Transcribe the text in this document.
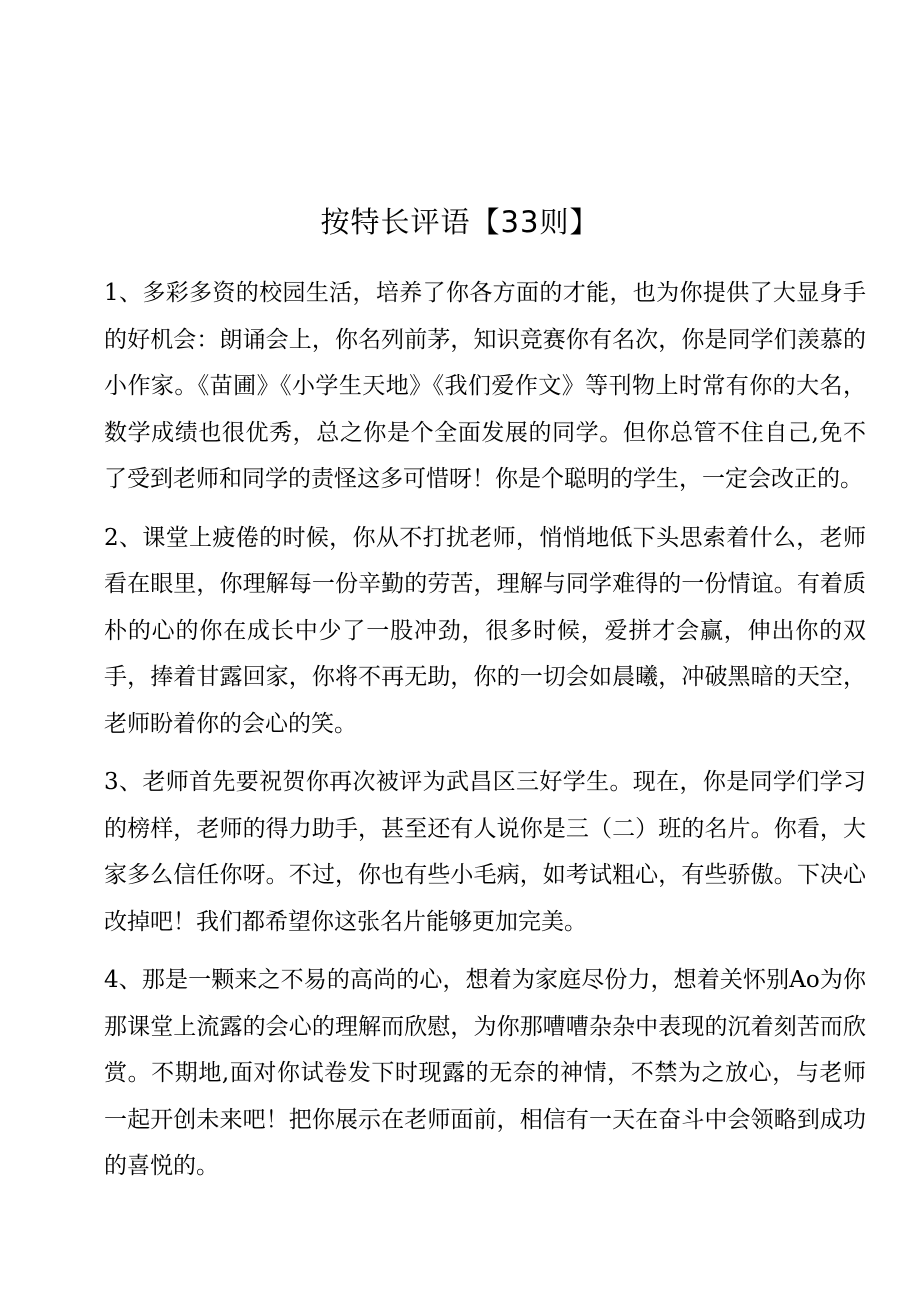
按特长评语【33则】

1、多彩多资的校园生活，培养了你各方面的才能，也为你提供了大显身手的好机会：朗诵会上，你名列前茅，知识竞赛你有名次，你是同学们羡慕的小作家。《苗圃》《小学生天地》《我们爱作文》等刊物上时常有你的大名，数学成绩也很优秀，总之你是个全面发展的同学。但你总管不住自己,免不了受到老师和同学的责怪这多可惜呀！你是个聪明的学生，一定会改正的。

2、课堂上疲倦的时候，你从不打扰老师，悄悄地低下头思索着什么，老师看在眼里，你理解每一份辛勤的劳苦，理解与同学难得的一份情谊。有着质朴的心的你在成长中少了一股冲劲，很多时候，爱拼才会赢，伸出你的双手，捧着甘露回家，你将不再无助，你的一切会如晨曦，冲破黑暗的天空，老师盼着你的会心的笑。

3、老师首先要祝贺你再次被评为武昌区三好学生。现在，你是同学们学习的榜样，老师的得力助手，甚至还有人说你是三（二）班的名片。你看，大家多么信任你呀。不过，你也有些小毛病，如考试粗心，有些骄傲。下决心改掉吧！我们都希望你这张名片能够更加完美。

4、那是一颗来之不易的高尚的心，想着为家庭尽份力，想着关怀别Ao为你那课堂上流露的会心的理解而欣慰，为你那嘈嘈杂杂中表现的沉着刻苦而欣赏。不期地,面对你试卷发下时现露的无奈的神情，不禁为之放心，与老师一起开创未来吧！把你展示在老师面前，相信有一天在奋斗中会领略到成功的喜悦的。
